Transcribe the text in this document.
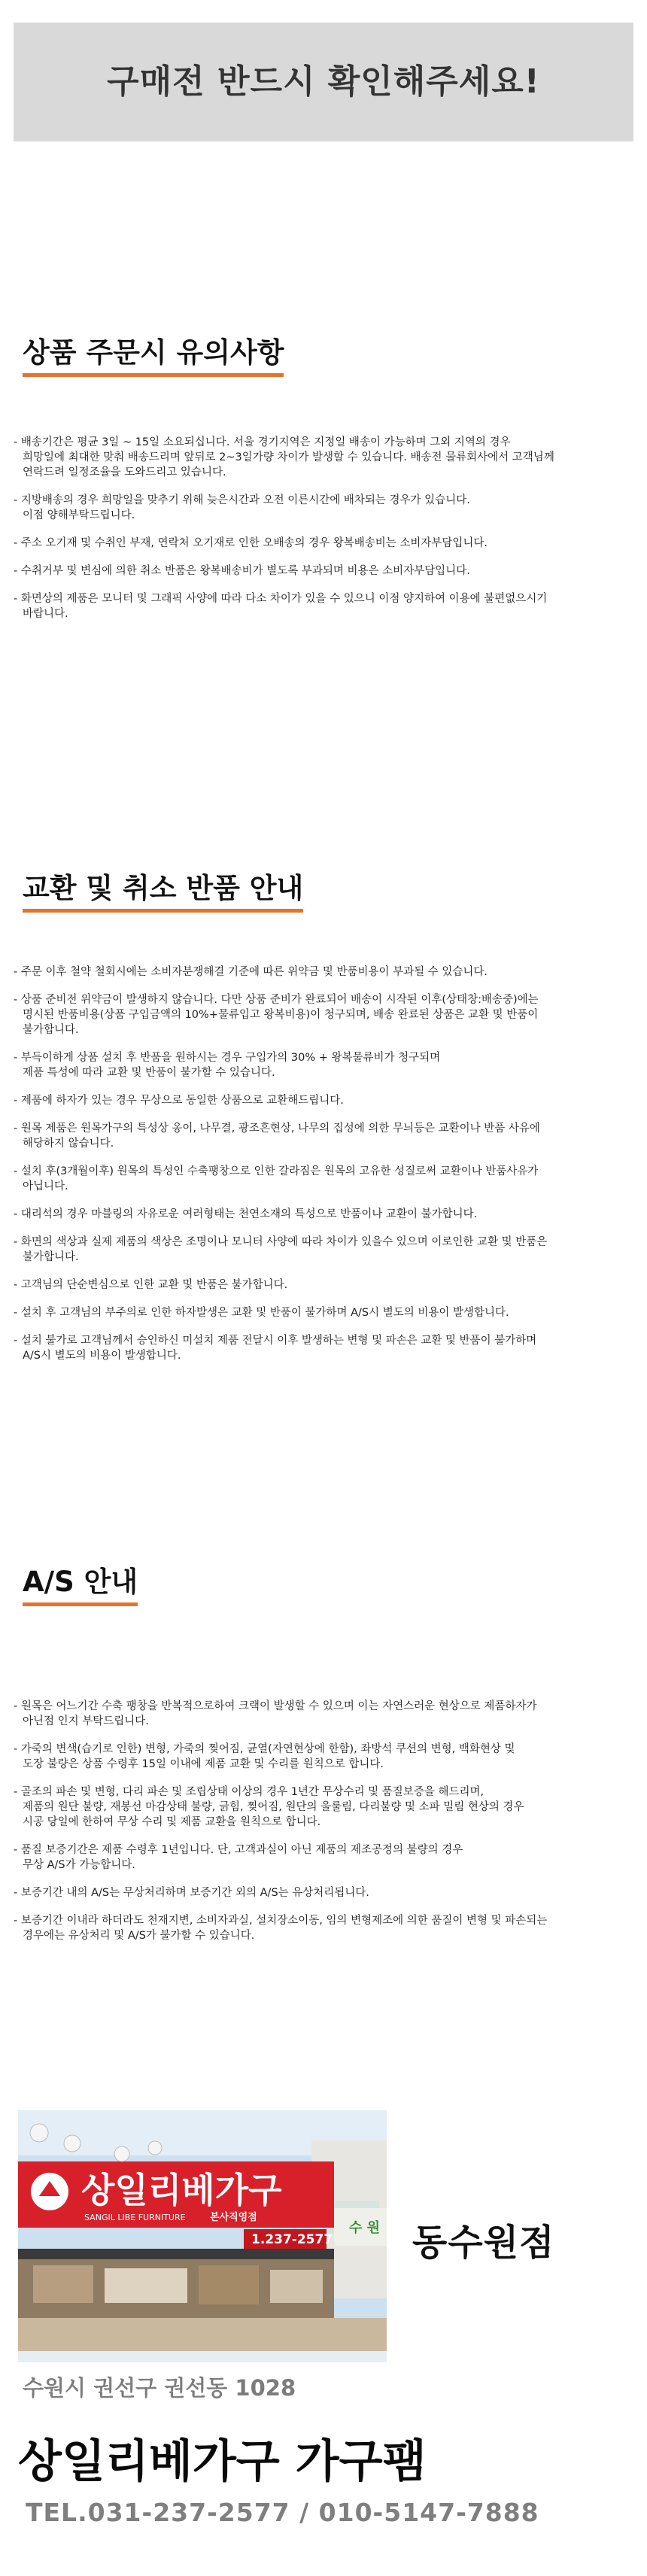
구매전 반드시 확인해주세요!
상품 주문시 유의사항
- 배송기간은 평균 3일 ~ 15일 소요되십니다. 서울 경기지역은 지정일 배송이 가능하며 그외 지역의 경우
희망일에 최대한 맞춰 배송드리며 앞뒤로 2~3일가량 차이가 발생할 수 있습니다. 배송전 물류회사에서 고객님께
연락드려 일정조율을 도와드리고 있습니다.
- 지방배송의 경우 희망일을 맞추기 위해 늦은시간과 오전 이른시간에 배차되는 경우가 있습니다.
이점 양해부탁드립니다.
- 주소 오기재 및 수취인 부재, 연락처 오기재로 인한 오배송의 경우 왕복배송비는 소비자부담입니다.
- 수취거부 및 변심에 의한 취소 반품은 왕복배송비가 별도록 부과되며 비용은 소비자부담입니다.
- 화면상의 제품은 모니터 및 그래픽 사양에 따라 다소 차이가 있을 수 있으니 이점 양지하여 이용에 불편없으시기
바랍니다.
교환 및 취소 반품 안내
- 주문 이후 철약 철회시에는 소비자분쟁해결 기준에 따른 위약금 및 반품비용이 부과될 수 있습니다.
- 상품 준비전 위약금이 발생하지 않습니다. 다만 상품 준비가 완료되어 배송이 시작된 이후(상태창:배송중)에는
명시된 반품비용(상품 구입금액의 10%+물류입고 왕복비용)이 청구되며, 배송 완료된 상품은 교환 및 반품이
불가합니다.
- 부득이하게 상품 설치 후 반품을 원하시는 경우 구입가의 30% + 왕복물류비가 청구되며
제품 특성에 따라 교환 및 반품이 불가할 수 있습니다.
- 제품에 하자가 있는 경우 무상으로 동일한 상품으로 교환해드립니다.
- 원목 제품은 원목가구의 특성상 옹이, 나무결, 광조흔현상, 나무의 집성에 의한 무늬등은 교환이나 반품 사유에
해당하지 않습니다.
- 설치 후(3개월이후) 원목의 특성인 수축팽창으로 인한 갈라짐은 원목의 고유한 성질로써 교환이나 반품사유가
아닙니다.
- 대리석의 경우 마블링의 자유로운 여러형태는 천연소재의 특성으로 반품이나 교환이 불가합니다.
- 화면의 색상과 실제 제품의 색상은 조명이나 모니터 사양에 따라 차이가 있을수 있으며 이로인한 교환 및 반품은
불가합니다.
- 고객님의 단순변심으로 인한 교환 및 반품은 불가합니다.
- 설치 후 고객님의 부주의로 인한 하자발생은 교환 및 반품이 불가하며 A/S시 별도의 비용이 발생합니다.
- 설치 불가로 고객님께서 승인하신 미설치 제품 전달시 이후 발생하는 변형 및 파손은 교환 및 반품이 불가하며
A/S시 별도의 비용이 발생합니다.
A/S 안내
- 원목은 어느기간 수축 팽창을 반복적으로하여 크랙이 발생할 수 있으며 이는 자연스러운 현상으로 제품하자가
아닌점 인지 부탁드립니다.
- 가죽의 변색(습기로 인한) 변형, 가죽의 찢어짐, 균열(자연현상에 한함), 좌방석 쿠션의 변형, 백화현상 및
도장 불량은 상품 수령후 15일 이내에 제품 교환 및 수리를 원칙으로 합니다.
- 골조의 파손 및 변형, 다리 파손 및 조립상태 이상의 경우 1년간 무상수리 및 품질보증을 해드리며,
제품의 원단 불량, 재봉선 마감상태 불량, 긁힘, 찢어짐, 원단의 울룰림, 다리불량 및 소파 밀림 현상의 경우
시공 당일에 한하여 무상 수리 및 제품 교환을 원칙으로 합니다.
- 품질 보증기간은 제품 수령후 1년입니다. 단, 고객과실이 아닌 제품의 제조공정의 불량의 경우
무상 A/S가 가능합니다.
- 보증기간 내의 A/S는 무상처리하며 보증기간 외의 A/S는 유상처리됩니다.
- 보증기간 이내라 하더라도 천재지변, 소비자과실, 설치장소이동, 임의 변형제조에 의한 품질이 변형 및 파손되는
경우에는 유상처리 및 A/S가 불가할 수 있습니다.
상일리베가구
SANGIL LIBE FURNITURE 본사직영점
1.237-2577
수 원 동수원점
수원시 권선구 권선동 1028
상일리베가구 가구팸
TEL.031-237-2577 / 010-5147-7888
